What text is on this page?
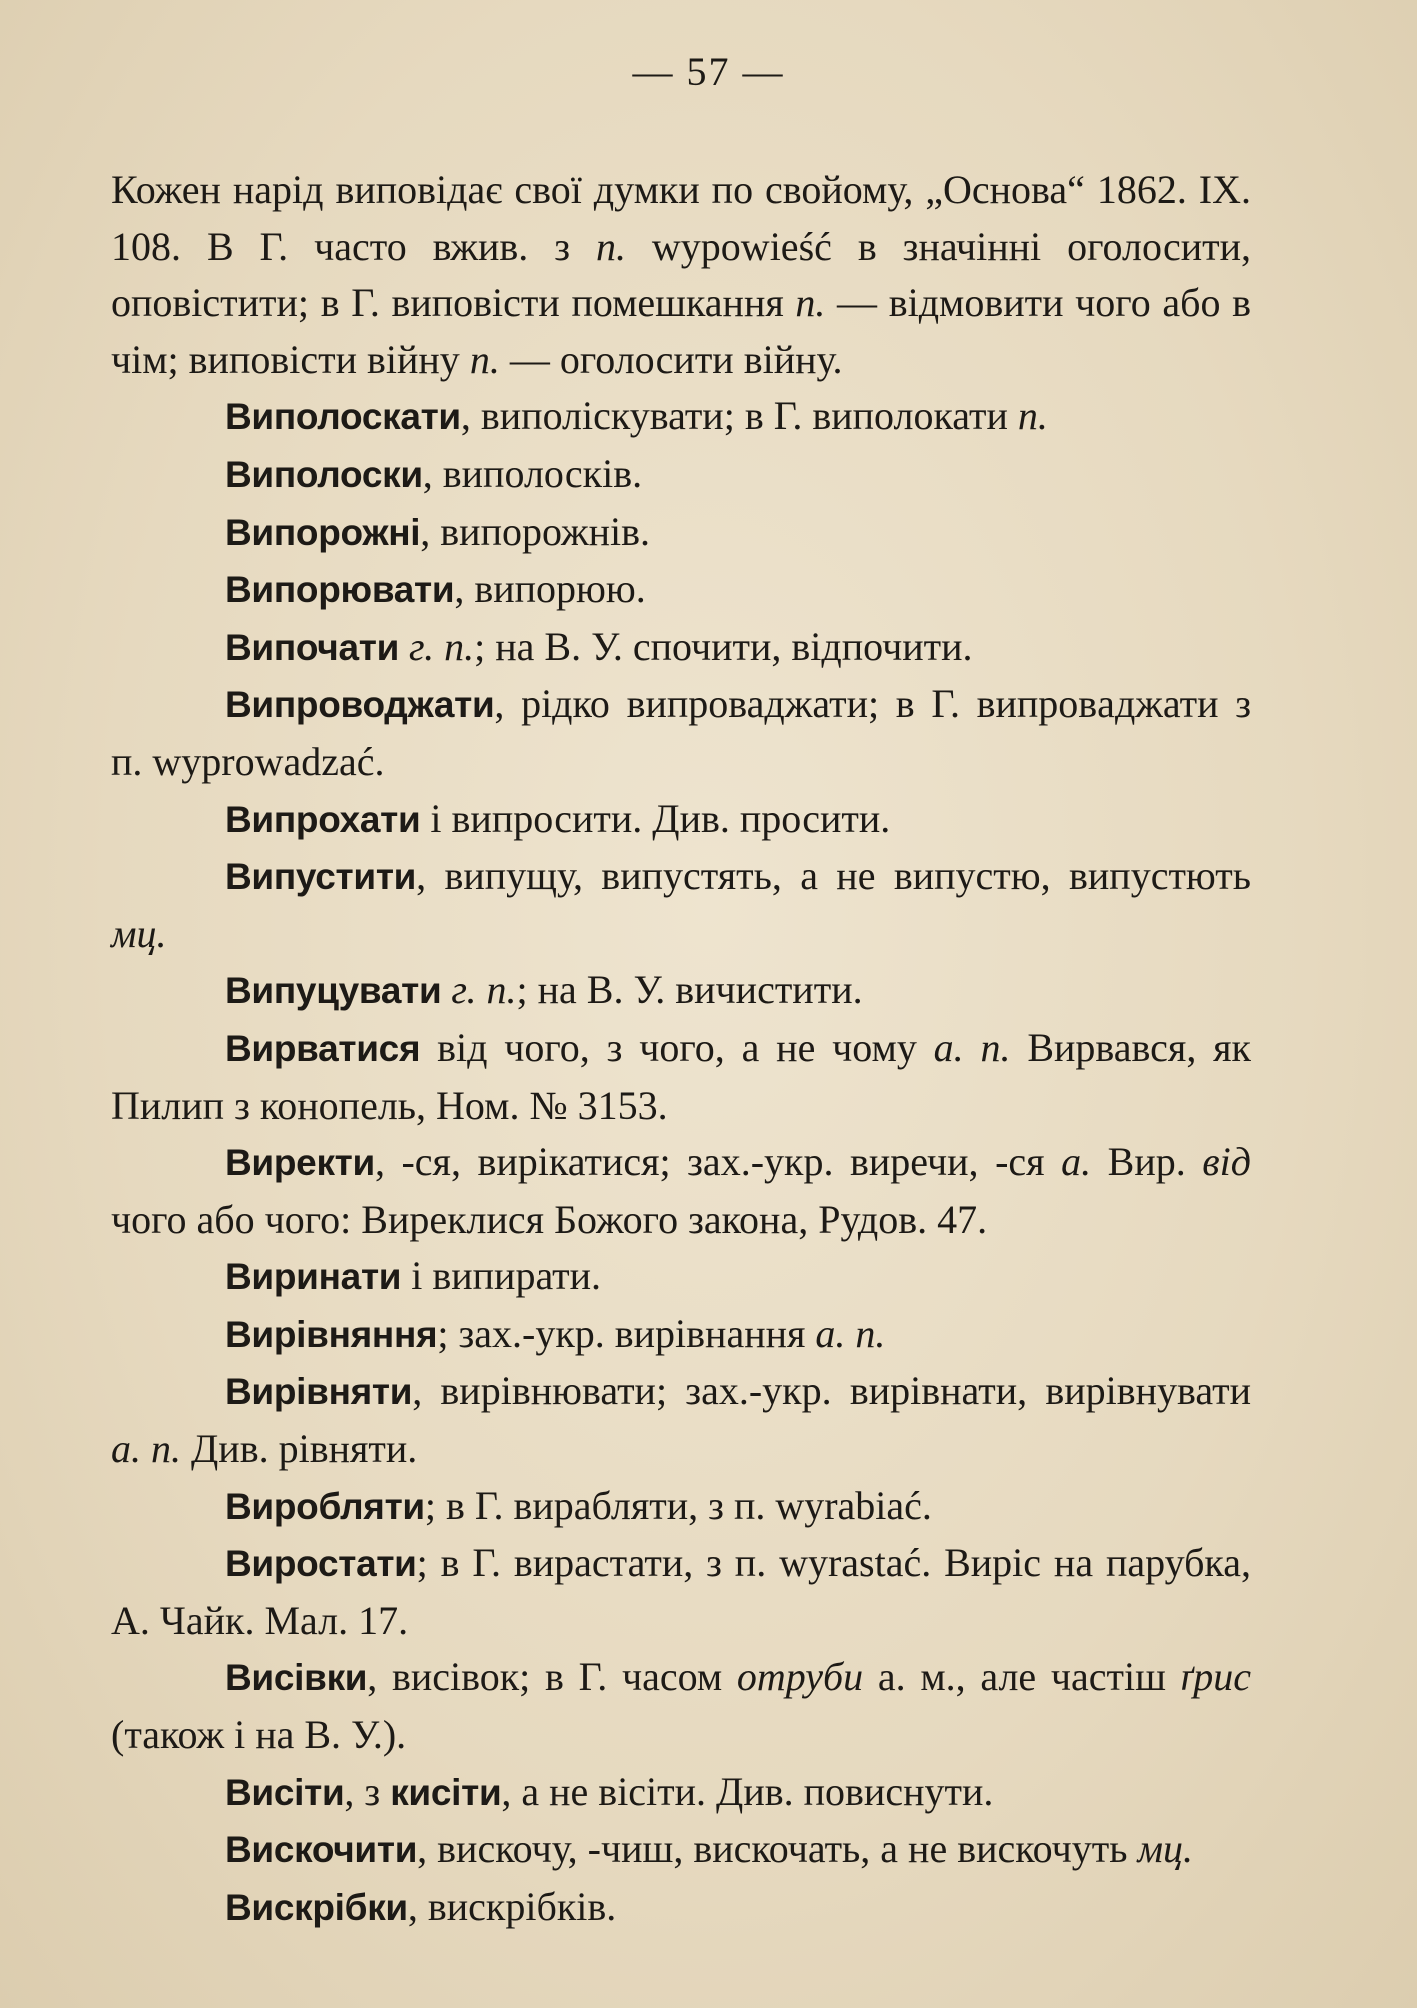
— 57 —

Кожен нарід виповідає свої думки по свойому, „Основа“ 1862. IX. 108. В Г. часто вжив. з п. wypowieść в значінні оголосити, оповістити; в Г. виповісти помешкання п. — відмовити чого або в чім; виповісти війну п. — оголосити війну.

Виполоскати, виполіскувати; в Г. виполокати п.

Виполоски, виполосків.

Випорожні, випорожнів.

Випорювати, випорюю.

Випочати г. п.; на В. У. спочити, відпочити.

Випроводжати, рідко випроваджати; в Г. випровaджати з п. wyprowadzać.

Випрохати і випросити. Див. просити.

Випустити, випущу, випустять, а не випустю, випустють мц.

Випуцувати г. п.; на В. У. вичистити.

Вирватися від чого, з чого, а не чому а. п. Вирвався, як Пилип з конопель, Ном. № 3153.

Виректи, -ся, вирікатися; зах.-укр. виречи, -ся а. Вир. від чого або чого: Виреклися Божого закона, Рудов. 47.

Виринати і випирати.

Вирівняння; зах.-укр. вирівнання а. п.

Вирівняти, вирівнювати; зах.-укр. вирівнати, вирівнувати а. п. Див. рівняти.

Виробляти; в Г. вирaбляти, з п. wyrabiać.

Виростати; в Г. вирaстати, з п. wyrastać. Виріс на парубка, А. Чайк. Мал. 17.

Висівки, висівок; в Г. часом отруби а. м., але частіш ґрис (також і на В. У.).

Висіти, з кисіти, а не вісіти. Див. повиснути.

Вискочити, вискочу, -чиш, вискочать, а не вискочуть мц.

Вискрібки, вискрібків.
